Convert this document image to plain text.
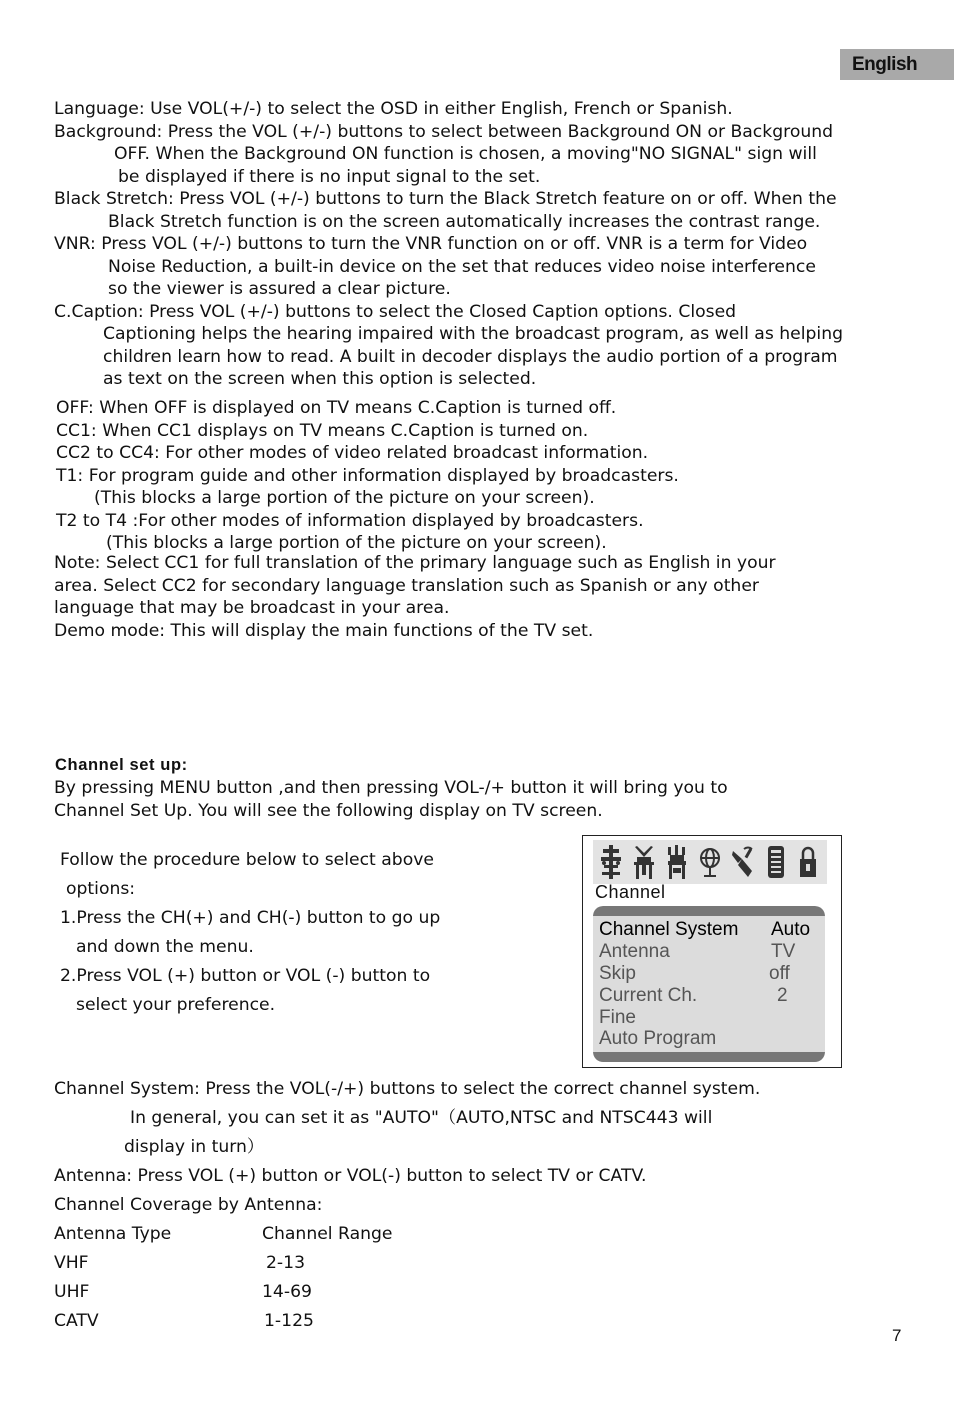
English
Language: Use VOL(+/-) to select the OSD in either English, French or Spanish.
Background: Press the VOL (+/-) buttons to select between Background ON or Background
OFF. When the Background ON function is chosen, a moving"NO SIGNAL" sign will
be displayed if there is no input signal to the set.
Black Stretch: Press VOL (+/-) buttons to turn the Black Stretch feature on or off. When the
Black Stretch function is on the screen automatically increases the contrast range.
VNR: Press VOL (+/-) buttons to turn the VNR function on or off. VNR is a term for Video
Noise Reduction, a built-in device on the set that reduces video noise interference
so the viewer is assured a clear picture.
C.Caption: Press VOL (+/-) buttons to select the Closed Caption options. Closed
Captioning helps the hearing impaired with the broadcast program, as well as helping
children learn how to read. A built in decoder displays the audio portion of a program
as text on the screen when this option is selected.
OFF: When OFF is displayed on TV means C.Caption is turned off.
CC1: When CC1 displays on TV means C.Caption is turned on.
CC2 to CC4: For other modes of video related broadcast information.
T1: For program guide and other information displayed by broadcasters.
(This blocks a large portion of the picture on your screen).
T2 to T4 :For other modes of information displayed by broadcasters.
(This blocks a large portion of the picture on your screen).
Note: Select CC1 for full translation of the primary language such as English in your
area. Select CC2 for secondary language translation such as Spanish or any other
language that may be broadcast in your area.
Demo mode: This will display the main functions of the TV set.
Channel set up:
By pressing MENU button ,and then pressing VOL-/+ button it will bring you to
Channel Set Up. You will see the following display on TV screen.
Follow the procedure below to select above
options:
1.Press the CH(+) and CH(-) button to go up
and down the menu.
2.Press VOL (+) button or VOL (-) button to
select your preference.
Channel
Channel System Auto
Antenna	TV
Skip	off
Current Ch.	2
Fine
Auto Program
Channel System: Press the VOL(-/+) buttons to select the correct channel system.
In general, you can set it as "AUTO"（AUTO,NTSC and NTSC443 will
display in turn）
Antenna: Press VOL (+) button or VOL(-) button to select TV or CATV.
Channel Coverage by Antenna:
Antenna Type	Channel Range
VHF	2-13
UHF	14-69
CATV	1-125
7
